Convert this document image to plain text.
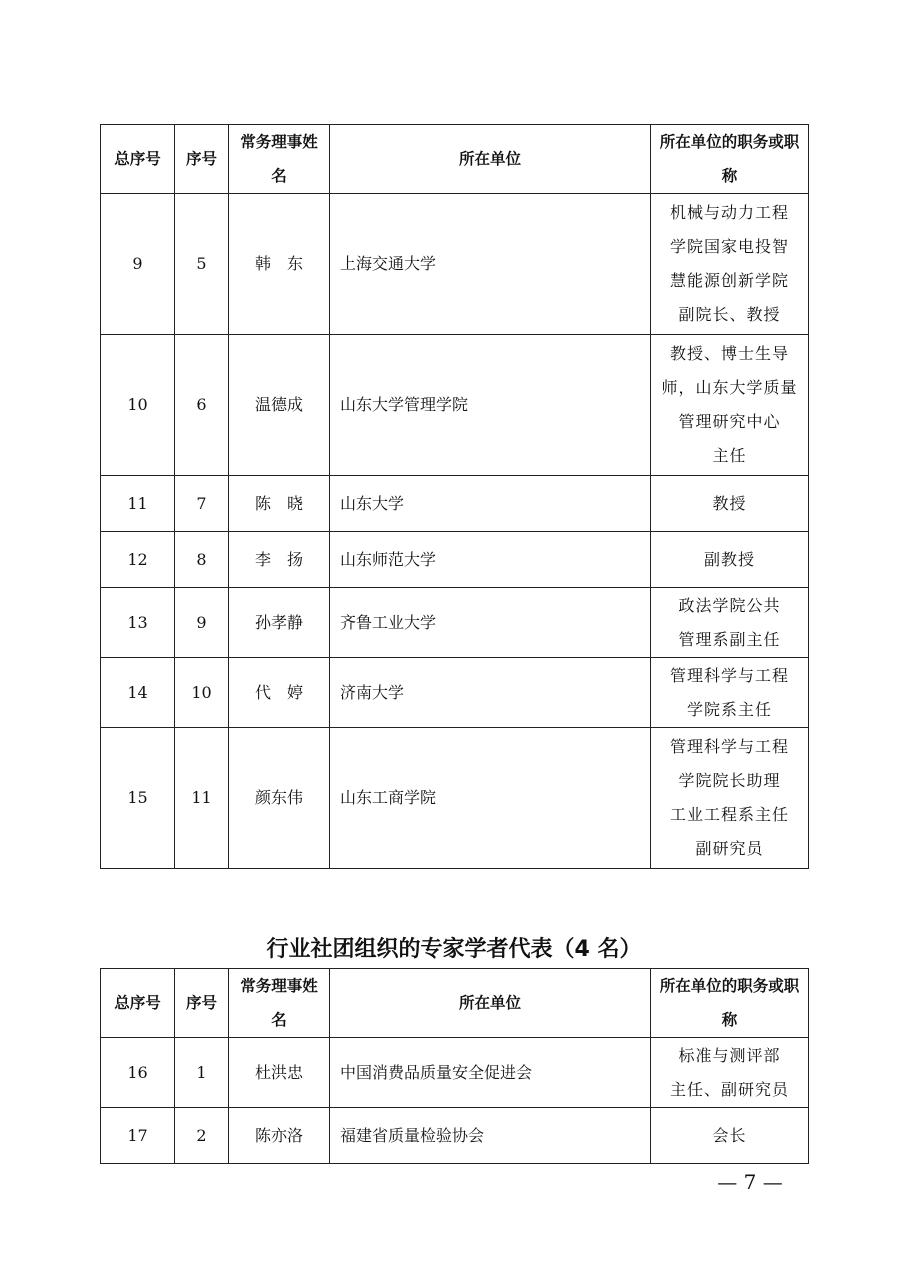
总序号	序号	常务理事姓名	所在单位	所在单位的职务或职称
9	5	韩　东	上海交通大学	机械与动力工程
学院国家电投智
慧能源创新学院
副院长、教授

10	6	温德成	山东大学管理学院	教授、博士生导
师，山东大学质量
管理研究中心
主任

11	7	陈　晓	山东大学	教授

12	8	李　扬	山东师范大学	副教授

13	9	孙孝静	齐鲁工业大学	政法学院公共
管理系副主任

14	10	代　婷	济南大学	管理科学与工程
学院系主任

15	11	颜东伟	山东工商学院	管理科学与工程
学院院长助理
工业工程系主任
副研究员
行业社团组织的专家学者代表（4 名）
总序号	序号	常务理事姓名	所在单位	所在单位的职务或职称
16	1	杜洪忠	中国消费品质量安全促进会	标准与测评部
主任、副研究员

17	2	陈亦洛	福建省质量检验协会	会长
— 7 —
